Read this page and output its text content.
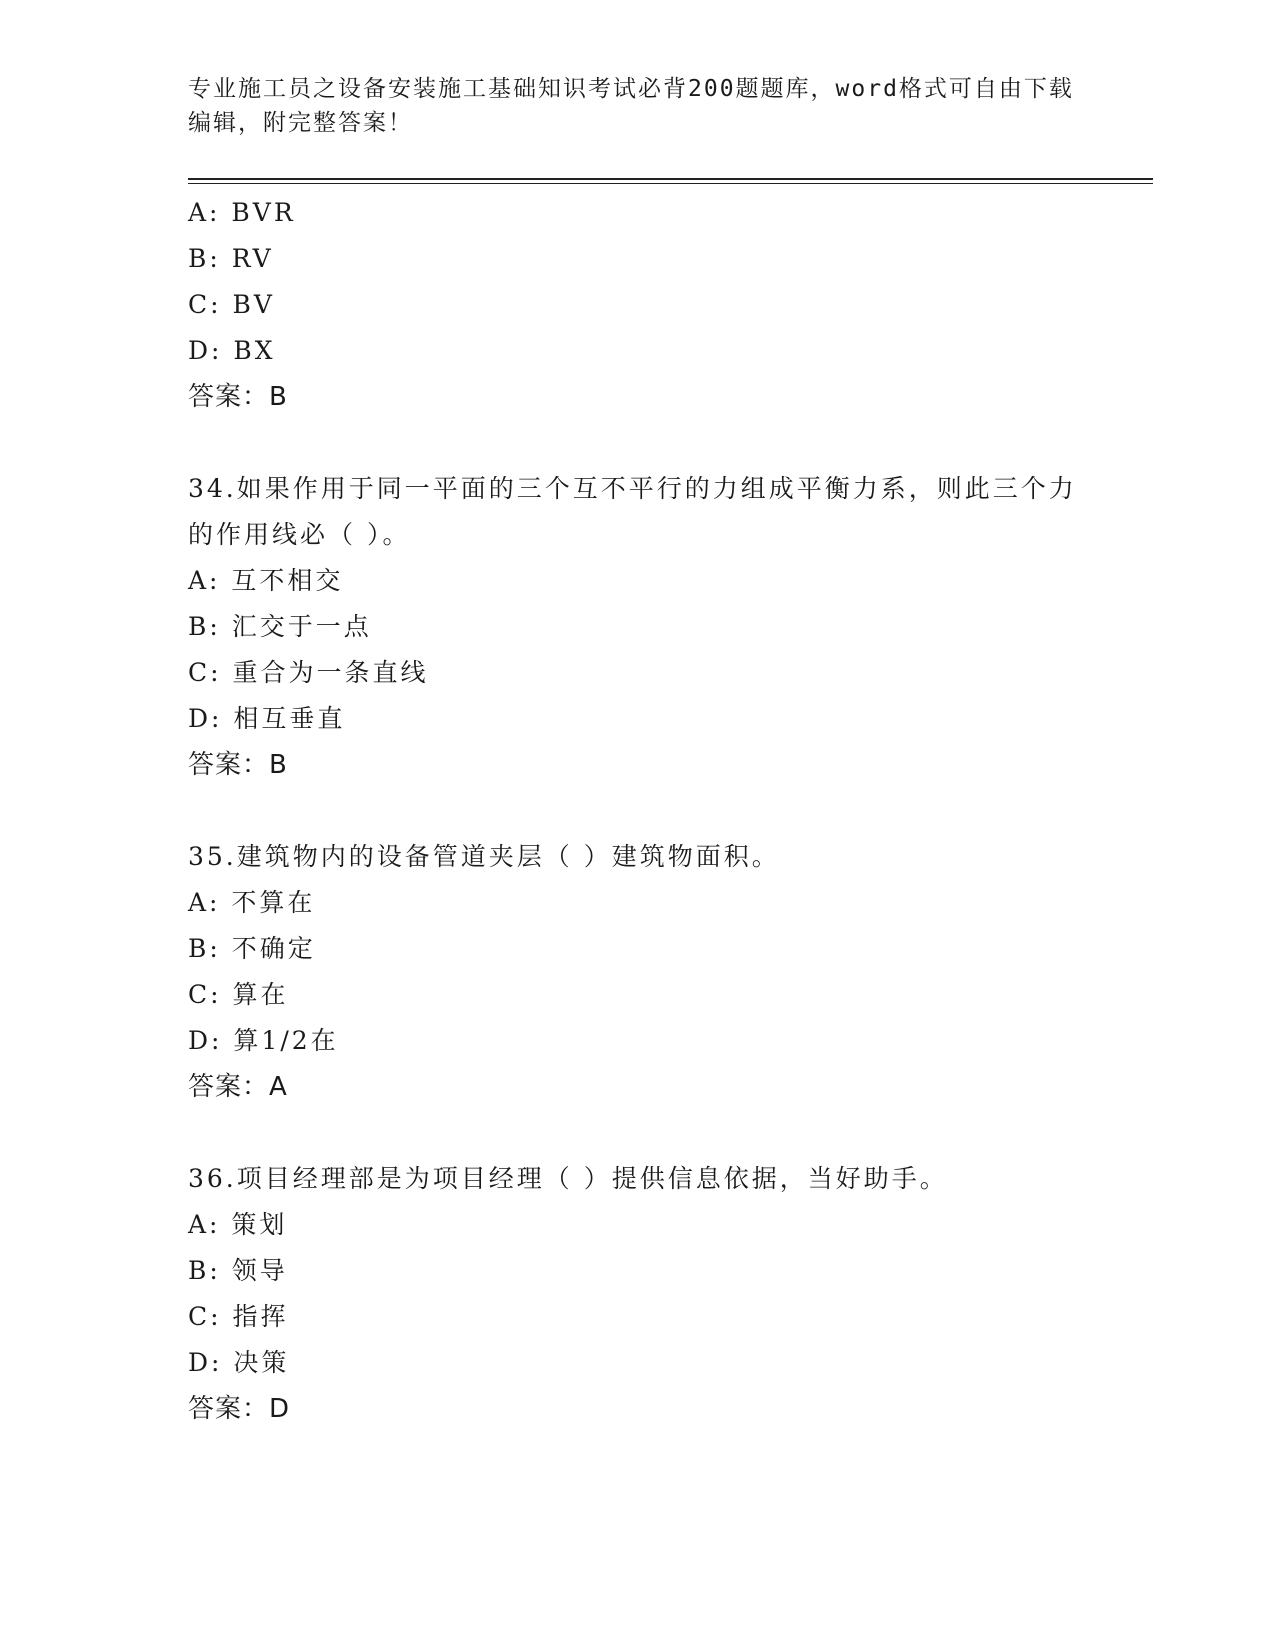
专业施工员之设备安装施工基础知识考试必背200题题库，word格式可自由下载
编辑，附完整答案！
A: BVR
B: RV
C: BV
D: BX
答案：B
34.如果作用于同一平面的三个互不平行的力组成平衡力系，则此三个力的作用线必（ ）。
A: 互不相交
B: 汇交于一点
C: 重合为一条直线
D: 相互垂直
答案：B
35.建筑物内的设备管道夹层（ ）建筑物面积。
A: 不算在
B: 不确定
C: 算在
D: 算1/2在
答案：A
36.项目经理部是为项目经理（ ）提供信息依据，当好助手。
A: 策划
B: 领导
C: 指挥
D: 决策
答案：D
